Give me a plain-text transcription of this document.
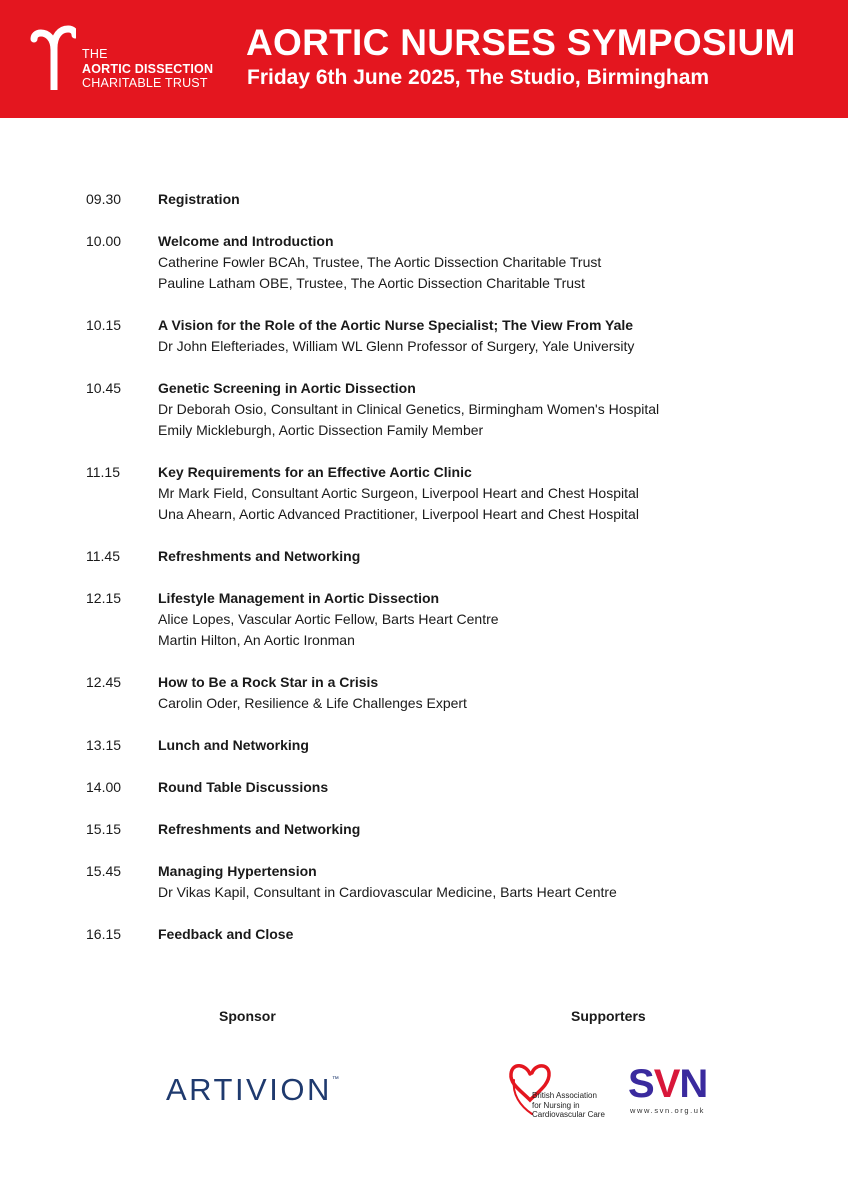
THE
AORTIC DISSECTION
CHARITABLE TRUST
AORTIC NURSES SYMPOSIUM
Friday 6th June 2025, The Studio, Birmingham
09.30	Registration
10.00	Welcome and Introduction
Catherine Fowler BCAh, Trustee, The Aortic Dissection Charitable Trust
Pauline Latham OBE, Trustee, The Aortic Dissection Charitable Trust
10.15	A Vision for the Role of the Aortic Nurse Specialist; The View From Yale
Dr John Elefteriades, William WL Glenn Professor of Surgery, Yale University
10.45	Genetic Screening in Aortic Dissection
Dr Deborah Osio, Consultant in Clinical Genetics, Birmingham Women's Hospital
Emily Mickleburgh, Aortic Dissection Family Member
11.15	Key Requirements for an Effective Aortic Clinic
Mr Mark Field, Consultant Aortic Surgeon, Liverpool Heart and Chest Hospital
Una Ahearn, Aortic Advanced Practitioner, Liverpool Heart and Chest Hospital
11.45	Refreshments and Networking
12.15	Lifestyle Management in Aortic Dissection
Alice Lopes, Vascular Aortic Fellow, Barts Heart Centre
Martin Hilton, An Aortic Ironman
12.45	How to Be a Rock Star in a Crisis
Carolin Oder, Resilience & Life Challenges Expert
13.15	Lunch and Networking
14.00	Round Table Discussions
15.15	Refreshments and Networking
15.45	Managing Hypertension
Dr Vikas Kapil, Consultant in Cardiovascular Medicine, Barts Heart Centre
16.15	Feedback and Close
Sponsor	Supporters
ARTIVION™
British Association
for Nursing in
Cardiovascular Care
SVN
www.svn.org.uk
